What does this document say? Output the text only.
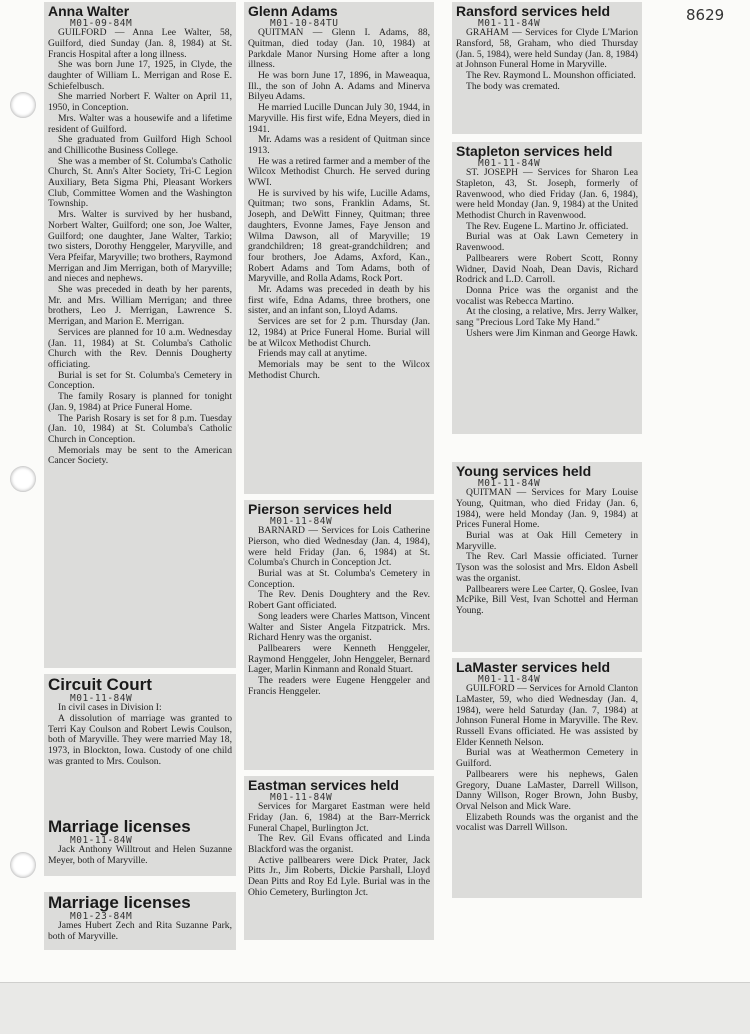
8629
Anna Walter
M01-09-84M

GUILFORD — Anna Lee Walter, 58, Guilford, died Sunday (Jan. 8, 1984) at St. Francis Hospital after a long illness.

She was born June 17, 1925, in Clyde, the daughter of William L. Merrigan and Rose E. Schiefelbusch.

She married Norbert F. Walter on April 11, 1950, in Conception.

Mrs. Walter was a housewife and a lifetime resident of Guilford.

She graduated from Guilford High School and Chillicothe Business College.

She was a member of St. Columba's Catholic Church, St. Ann's Alter Society, Tri-C Legion Auxiliary, Beta Sigma Phi, Pleasant Workers Club, Committee Women and the Washington Township.

Mrs. Walter is survived by her husband, Norbert Walter, Guilford; one son, Joe Walter, Guilford; one daughter, Jane Walter, Tarkio; two sisters, Dorothy Henggeler, Maryville, and Vera Pfeifar, Maryville; two brothers, Raymond Merrigan and Jim Merrigan, both of Maryville; and nieces and nephews.

She was preceded in death by her parents, Mr. and Mrs. William Merrigan; and three brothers, Leo J. Merrigan, Lawrence S. Merrigan, and Marion E. Merrigan.

Services are planned for 10 a.m. Wednesday (Jan. 11, 1984) at St. Columba's Catholic Church with the Rev. Dennis Dougherty officiating.

Burial is set for St. Columba's Cemetery in Conception.

The family Rosary is planned for tonight (Jan. 9, 1984) at Price Funeral Home.

The Parish Rosary is set for 8 p.m. Tuesday (Jan. 10, 1984) at St. Columba's Catholic Church in Conception.

Memorials may be sent to the American Cancer Society.

Circuit Court
M01-11-84W

In civil cases in Division I:

A dissolution of marriage was granted to Terri Kay Coulson and Robert Lewis Coulson, both of Maryville. They were married May 18, 1973, in Blockton, Iowa. Custody of one child was granted to Mrs. Coulson.

Marriage licenses
M01-11-84W

Jack Anthony Willtrout and Helen Suzanne Meyer, both of Maryville.

Marriage licenses
M01-23-84M

James Hubert Zech and Rita Suzanne Park, both of Maryville.

Glenn Adams
M01-10-84TU

QUITMAN — Glenn I. Adams, 88, Quitman, died today (Jan. 10, 1984) at Parkdale Manor Nursing Home after a long illness.

He was born June 17, 1896, in Maweaqua, Ill., the son of John A. Adams and Minerva Bilyeu Adams.

He married Lucille Duncan July 30, 1944, in Maryville. His first wife, Edna Meyers, died in 1941.

Mr. Adams was a resident of Quitman since 1913.

He was a retired farmer and a member of the Wilcox Methodist Church. He served during WWI.

He is survived by his wife, Lucille Adams, Quitman; two sons, Franklin Adams, St. Joseph, and DeWitt Finney, Quitman; three daughters, Evonne James, Faye Jenson and Wilma Dawson, all of Maryville; 19 grandchildren; 18 great-grandchildren; and four brothers, Joe Adams, Axford, Kan., Robert Adams and Tom Adams, both of Maryville, and Rolla Adams, Rock Port.

Mr. Adams was preceded in death by his first wife, Edna Adams, three brothers, one sister, and an infant son, Lloyd Adams.

Services are set for 2 p.m. Thursday (Jan. 12, 1984) at Price Funeral Home. Burial will be at Wilcox Methodist Church.

Friends may call at anytime.

Memorials may be sent to the Wilcox Methodist Church.

Pierson services held
M01-11-84W

BARNARD — Services for Lois Catherine Pierson, who died Wednesday (Jan. 4, 1984), were held Friday (Jan. 6, 1984) at St. Columba's Church in Conception Jct.

Burial was at St. Columba's Cemetery in Conception.

The Rev. Denis Doughtery and the Rev. Robert Gant officiated.

Song leaders were Charles Mattson, Vincent Walter and Sister Angela Fitzpatrick. Mrs. Richard Henry was the organist.

Pallbearers were Kenneth Henggeler, Raymond Henggeler, John Henggeler, Bernard Lager, Marlin Kinmann and Ronald Stuart.

The readers were Eugene Henggeler and Francis Henggeler.

Eastman services held
M01-11-84W

Services for Margaret Eastman were held Friday (Jan. 6, 1984) at the Barr-Merrick Funeral Chapel, Burlington Jct.

The Rev. Gil Evans officated and Linda Blackford was the organist.

Active pallbearers were Dick Prater, Jack Pitts Jr., Jim Roberts, Dickie Parshall, Lloyd Dean Pitts and Roy Ed Lyle. Burial was in the Ohio Cemetery, Burlington Jct.

Ransford services held
M01-11-84W

GRAHAM — Services for Clyde L'Marion Ransford, 58, Graham, who died Thursday (Jan. 5, 1984), were held Sunday (Jan. 8, 1984) at Johnson Funeral Home in Maryville.

The Rev. Raymond L. Mounshon officiated.

The body was cremated.

Stapleton services held
M01-11-84W

ST. JOSEPH — Services for Sharon Lea Stapleton, 43, St. Joseph, formerly of Ravenwood, who died Friday (Jan. 6, 1984), were held Monday (Jan. 9, 1984) at the United Methodist Church in Ravenwood.

The Rev. Eugene L. Martino Jr. officiated.

Burial was at Oak Lawn Cemetery in Ravenwood.

Pallbearers were Robert Scott, Ronny Widner, David Noah, Dean Davis, Richard Rodrick and L.D. Carroll.

Donna Price was the organist and the vocalist was Rebecca Martino.

At the closing, a relative, Mrs. Jerry Walker, sang "Precious Lord Take My Hand."

Ushers were Jim Kinman and George Hawk.

Young services held
M01-11-84W

QUITMAN — Services for Mary Louise Young, Quitman, who died Friday (Jan. 6, 1984), were held Monday (Jan. 9, 1984) at Prices Funeral Home.

Burial was at Oak Hill Cemetery in Maryville.

The Rev. Carl Massie officiated. Turner Tyson was the solosist and Mrs. Eldon Asbell was the organist.

Pallbearers were Lee Carter, Q. Goslee, Ivan McPike, Bill Vest, Ivan Schottel and Herman Young.

LaMaster services held
M01-11-84W

GUILFORD — Services for Arnold Clanton LaMaster, 59, who died Wednesday (Jan. 4, 1984), were held Saturday (Jan. 7, 1984) at Johnson Funeral Home in Maryville. The Rev. Russell Evans officiated. He was assisted by Elder Kenneth Nelson.

Burial was at Weathermon Cemetery in Guilford.

Pallbearers were his nephews, Galen Gregory, Duane LaMaster, Darrell Willson, Danny Willson, Roger Brown, John Busby, Orval Nelson and Mick Ware.

Elizabeth Rounds was the organist and the vocalist was Darrell Willson.
